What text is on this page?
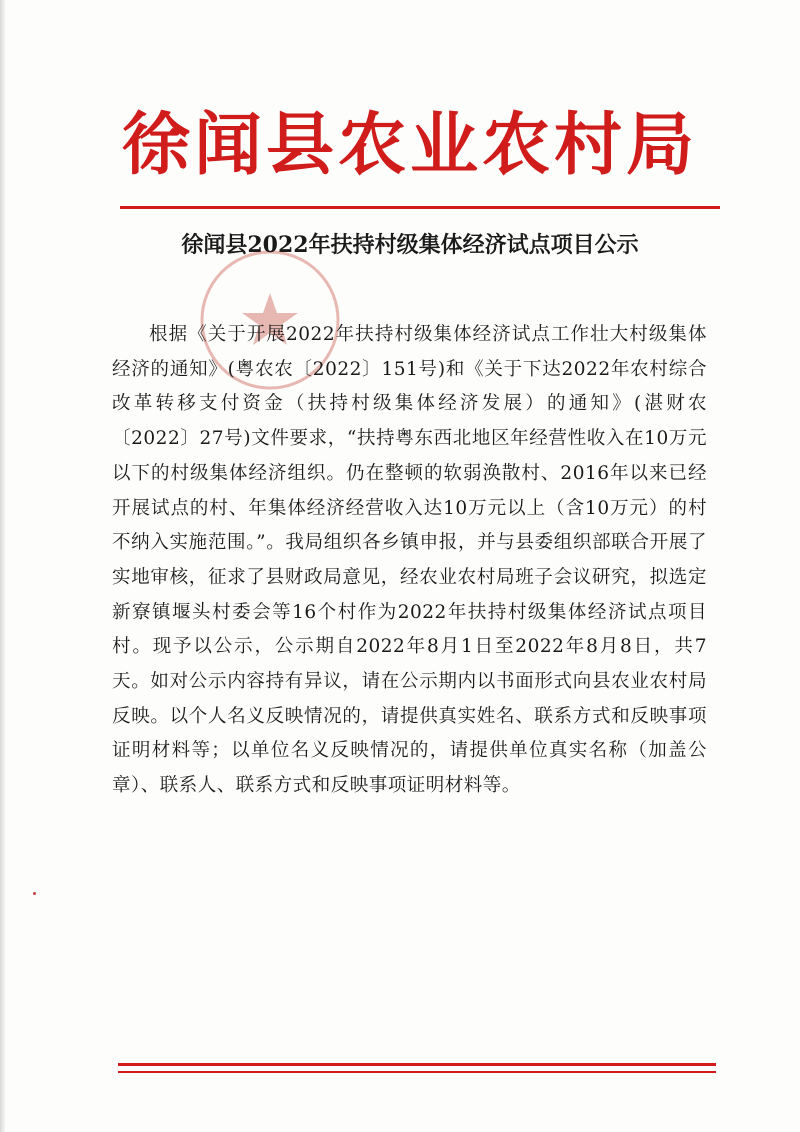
徐闻县农业农村局
徐闻县2022年扶持村级集体经济试点项目公示

根据《关于开展2022年扶持村级集体经济试点工作壮大村级集体经济的通知》(粤农农〔2022〕151号)和《关于下达2022年农村综合改革转移支付资金（扶持村级集体经济发展）的通知》(湛财农〔2022〕27号)文件要求，“扶持粤东西北地区年经营性收入在10万元以下的村级集体经济组织。仍在整顿的软弱涣散村、2016年以来已经开展试点的村、年集体经济经营收入达10万元以上（含10万元）的村不纳入实施范围。”。我局组织各乡镇申报，并与县委组织部联合开展了实地审核，征求了县财政局意见，经农业农村局班子会议研究，拟选定新寮镇堰头村委会等16个村作为2022年扶持村级集体经济试点项目村。现予以公示，公示期自2022年8月1日至2022年8月8日，共7天。如对公示内容持有异议，请在公示期内以书面形式向县农业农村局反映。以个人名义反映情况的，请提供真实姓名、联系方式和反映事项证明材料等；以单位名义反映情况的，请提供单位真实名称（加盖公章）、联系人、联系方式和反映事项证明材料等。
